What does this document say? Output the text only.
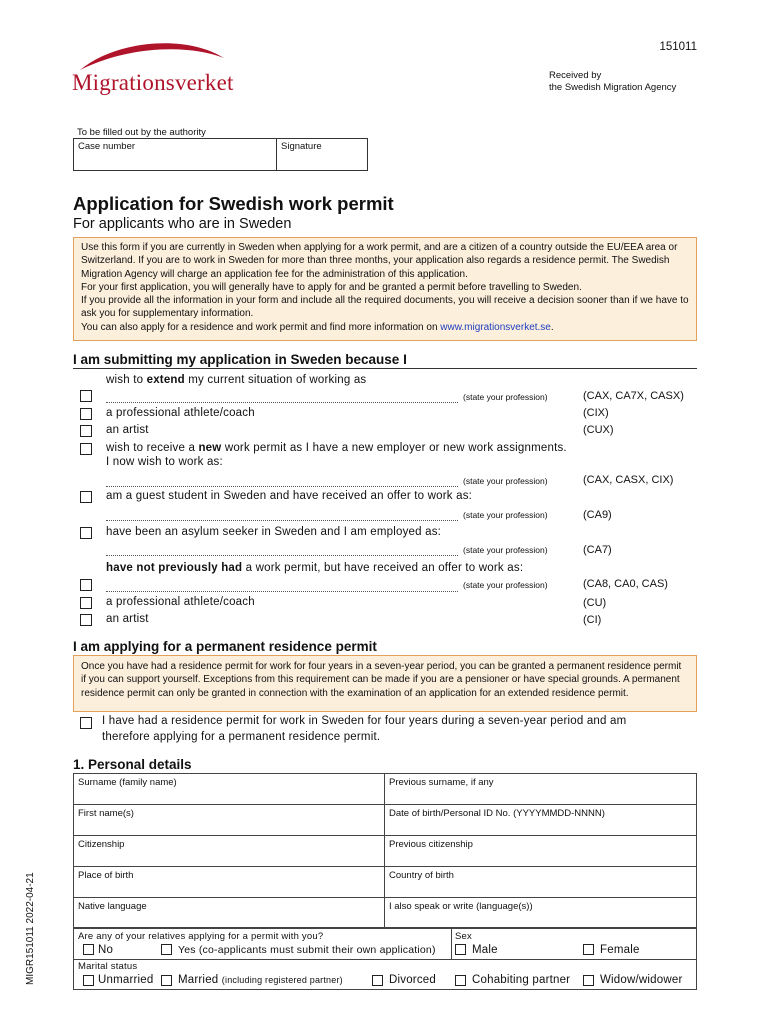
Migrationsverket
151011
Received by
the Swedish Migration Agency
To be filled out by the authority
Case number	Signature
Application for Swedish work permit
For applicants who are in Sweden

Use this form if you are currently in Sweden when applying for a work permit, and are a citizen of a country outside the EU/EEA area or Switzerland. If you are to work in Sweden for more than three months, your application also regards a residence permit. The Swedish Migration Agency will charge an application fee for the administration of this application.

For your first application, you will generally have to apply for and be granted a permit before travelling to Sweden.

If you provide all the information in your form and include all the required documents, you will receive a decision sooner than if we have to ask you for supplementary information.

You can also apply for a residence and work permit and find more information on www.migrationsverket.se.

I am submitting my application in Sweden because I
wish to extend my current situation of working as
(state your profession)	(CAX, CA7X, CASX)
a professional athlete/coach	(CIX)
an artist	(CUX)
wish to receive a new work permit as I have a new employer or new work assignments.
I now wish to work as:
(state your profession)	(CAX, CASX, CIX)
am a guest student in Sweden and have received an offer to work as:
(state your profession)	(CA9)
have been an asylum seeker in Sweden and I am employed as:
(state your profession)	(CA7)
have not previously had a work permit, but have received an offer to work as:
(state your profession)	(CA8, CA0, CAS)
a professional athlete/coach	(CU)
an artist	(CI)
I am applying for a permanent residence permit

Once you have had a residence permit for work for four years in a seven-year period, you can be granted a permanent residence permit if you can support yourself. Exceptions from this requirement can be made if you are a pensioner or have special grounds. A permanent residence permit can only be granted in connection with the examination of an application for an extended residence permit.

I have had a residence permit for work in Sweden for four years during a seven-year period and am
therefore applying for a permanent residence permit.
1. Personal details
Surname (family name)	Previous surname, if any
First name(s)	Date of birth/Personal ID No. (YYYYMMDD-NNNN)
Citizenship	Previous citizenship
Place of birth	Country of birth
Native language	I also speak or write (language(s))
Are any of your relatives applying for a permit with you?
No	Yes (co-applicants must submit their own application)
Sex
Male	Female
Marital status
Unmarried Married (including registered partner)	Divorced	Cohabiting partner	Widow/widower
MIGR151011 2022-04-21
